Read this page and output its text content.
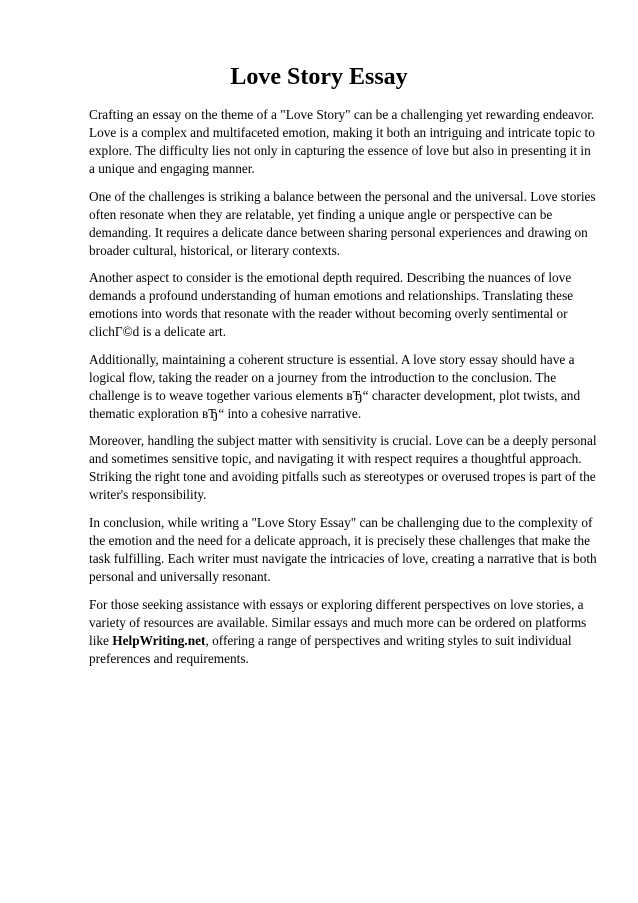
Love Story Essay

Crafting an essay on the theme of a "Love Story" can be a challenging yet rewarding endeavor. Love is a complex and multifaceted emotion, making it both an intriguing and intricate topic to explore. The difficulty lies not only in capturing the essence of love but also in presenting it in a unique and engaging manner.

One of the challenges is striking a balance between the personal and the universal. Love stories often resonate when they are relatable, yet finding a unique angle or perspective can be demanding. It requires a delicate dance between sharing personal experiences and drawing on broader cultural, historical, or literary contexts.

Another aspect to consider is the emotional depth required. Describing the nuances of love demands a profound understanding of human emotions and relationships. Translating these emotions into words that resonate with the reader without becoming overly sentimental or clichГ©d is a delicate art.

Additionally, maintaining a coherent structure is essential. A love story essay should have a logical flow, taking the reader on a journey from the introduction to the conclusion. The challenge is to weave together various elements вЂ“ character development, plot twists, and thematic exploration вЂ“ into a cohesive narrative.

Moreover, handling the subject matter with sensitivity is crucial. Love can be a deeply personal and sometimes sensitive topic, and navigating it with respect requires a thoughtful approach. Striking the right tone and avoiding pitfalls such as stereotypes or overused tropes is part of the writer's responsibility.

In conclusion, while writing a "Love Story Essay" can be challenging due to the complexity of the emotion and the need for a delicate approach, it is precisely these challenges that make the task fulfilling. Each writer must navigate the intricacies of love, creating a narrative that is both personal and universally resonant.

For those seeking assistance with essays or exploring different perspectives on love stories, a variety of resources are available. Similar essays and much more can be ordered on platforms like HelpWriting.net, offering a range of perspectives and writing styles to suit individual preferences and requirements.
